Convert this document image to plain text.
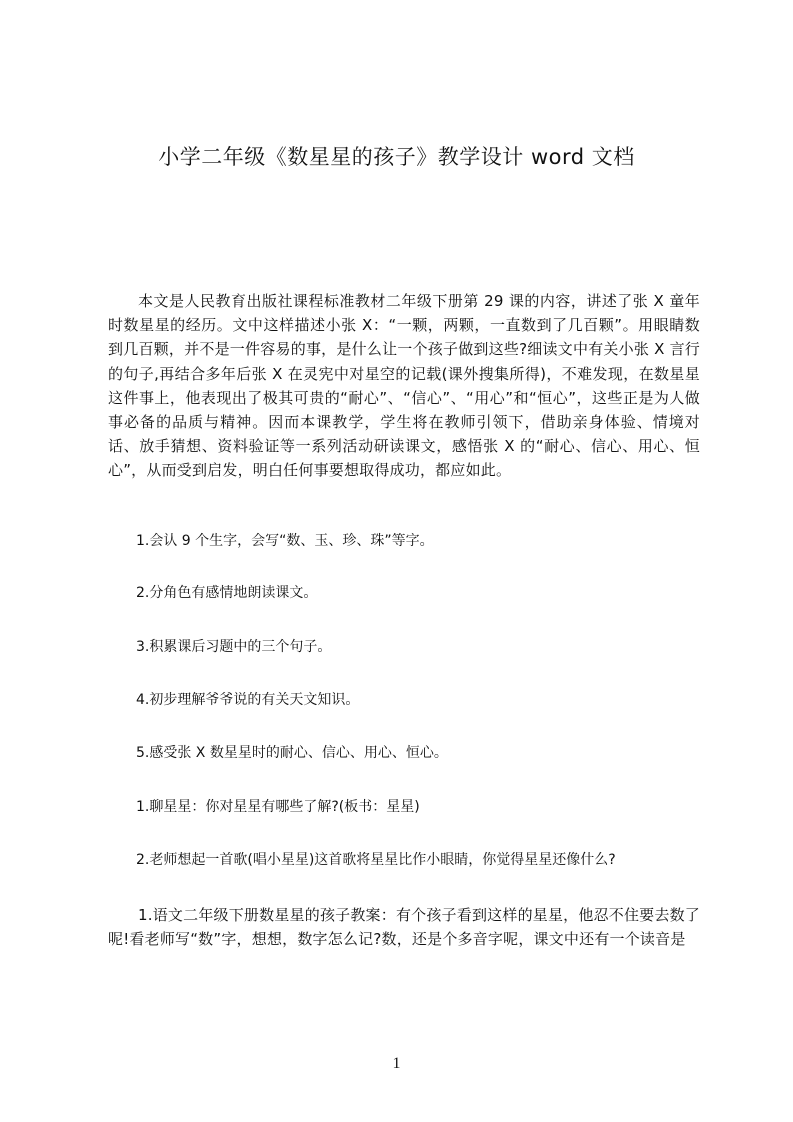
小学二年级《数星星的孩子》教学设计 word 文档
本文是人民教育出版社课程标准教材二年级下册第 29 课的内容，讲述了张 X 童年时数星星的经历。文中这样描述小张 X：“一颗，两颗，一直数到了几百颗”。用眼睛数到几百颗，并不是一件容易的事，是什么让一个孩子做到这些?细读文中有关小张 X 言行的句子,再结合多年后张 X 在灵宪中对星空的记载(课外搜集所得)，不难发现，在数星星这件事上，他表现出了极其可贵的“耐心”、“信心”、“用心”和“恒心”，这些正是为人做事必备的品质与精神。因而本课教学，学生将在教师引领下，借助亲身体验、情境对话、放手猜想、资料验证等一系列活动研读课文，感悟张 X 的“耐心、信心、用心、恒心”，从而受到启发，明白任何事要想取得成功，都应如此。
1.会认 9 个生字，会写“数、玉、珍、珠”等字。
2.分角色有感情地朗读课文。
3.积累课后习题中的三个句子。
4.初步理解爷爷说的有关天文知识。
5.感受张 X 数星星时的耐心、信心、用心、恒心。
1.聊星星：你对星星有哪些了解?(板书：星星)
2.老师想起一首歌(唱小星星)这首歌将星星比作小眼睛，你觉得星星还像什么?
1.语文二年级下册数星星的孩子教案：有个孩子看到这样的星星，他忍不住要去数了呢!看老师写“数”字，想想，数字怎么记?数，还是个多音字呢，课文中还有一个读音是
1
